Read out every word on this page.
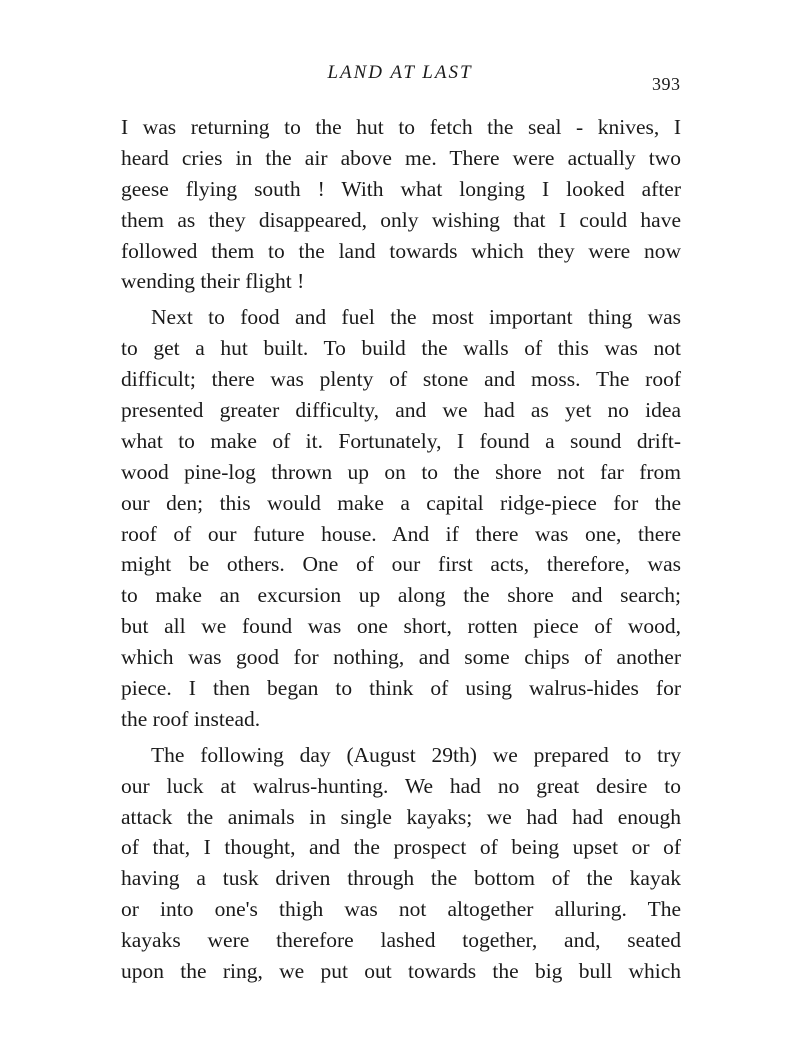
LAND AT LAST
393
I was returning to the hut to fetch the seal - knives, I
heard cries in the air above me. There were actually two
geese flying south ! With what longing I looked after
them as they disappeared, only wishing that I could have
followed them to the land towards which they were now
wending their flight !
Next to food and fuel the most important thing was
to get a hut built. To build the walls of this was not
difficult; there was plenty of stone and moss. The roof
presented greater difficulty, and we had as yet no idea
what to make of it. Fortunately, I found a sound drift-
wood pine-log thrown up on to the shore not far from
our den; this would make a capital ridge-piece for the
roof of our future house. And if there was one, there
might be others. One of our first acts, therefore, was
to make an excursion up along the shore and search;
but all we found was one short, rotten piece of wood,
which was good for nothing, and some chips of another
piece. I then began to think of using walrus-hides for
the roof instead.
The following day (August 29th) we prepared to try
our luck at walrus-hunting. We had no great desire to
attack the animals in single kayaks; we had had enough
of that, I thought, and the prospect of being upset or of
having a tusk driven through the bottom of the kayak
or into one's thigh was not altogether alluring. The
kayaks were therefore lashed together, and, seated
upon the ring, we put out towards the big bull which
